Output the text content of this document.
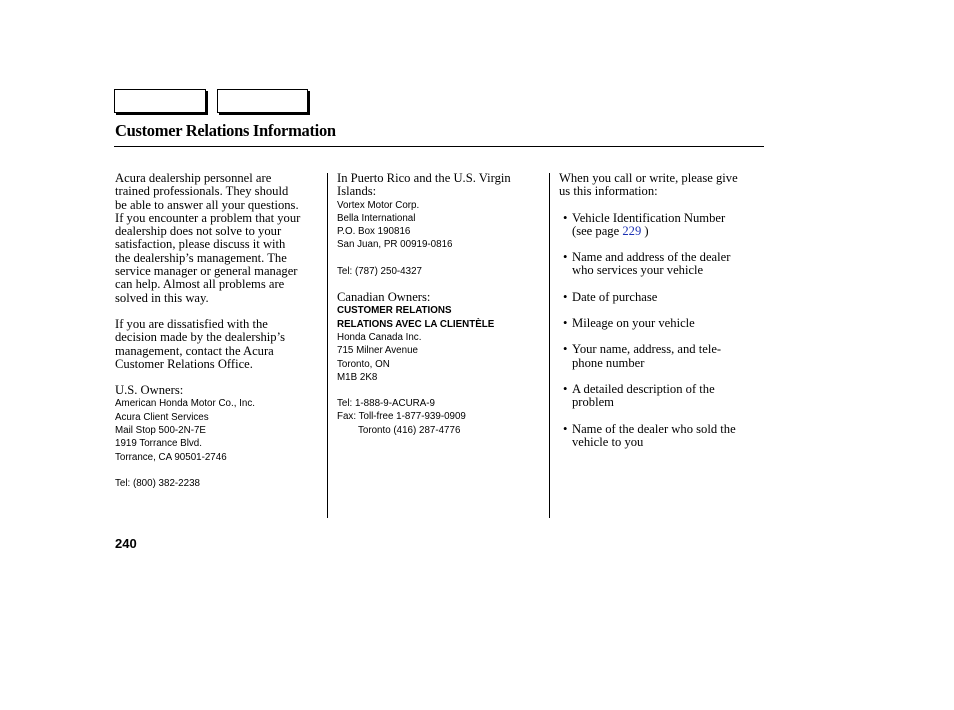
Customer Relations Information
Acura dealership personnel are
trained professionals. They should
be able to answer all your questions.
If you encounter a problem that your
dealership does not solve to your
satisfaction, please discuss it with
the dealership’s management. The
service manager or general manager
can help. Almost all problems are
solved in this way.
If you are dissatisfied with the
decision made by the dealership’s
management, contact the Acura
Customer Relations Office.
U.S. Owners:
American Honda Motor Co., Inc.
Acura Client Services
Mail Stop 500-2N-7E
1919 Torrance Blvd.
Torrance, CA 90501-2746
Tel: (800) 382-2238
In Puerto Rico and the U.S. Virgin
Islands:
Vortex Motor Corp.
Bella International
P.O. Box 190816
San Juan, PR 00919-0816
Tel: (787) 250-4327
Canadian Owners:
CUSTOMER RELATIONS
RELATIONS AVEC LA CLIENTÈLE
Honda Canada Inc.
715 Milner Avenue
Toronto, ON
M1B 2K8
Tel: 1-888-9-ACURA-9
Fax: Toll-free 1-877-939-0909
Toronto (416) 287-4776
When you call or write, please give
us this information:
• Vehicle Identification Number
(see page 229 )
• Name and address of the dealer
who services your vehicle
• Date of purchase
• Mileage on your vehicle
• Your name, address, and tele-
phone number
• A detailed description of the
problem
• Name of the dealer who sold the
vehicle to you
240
